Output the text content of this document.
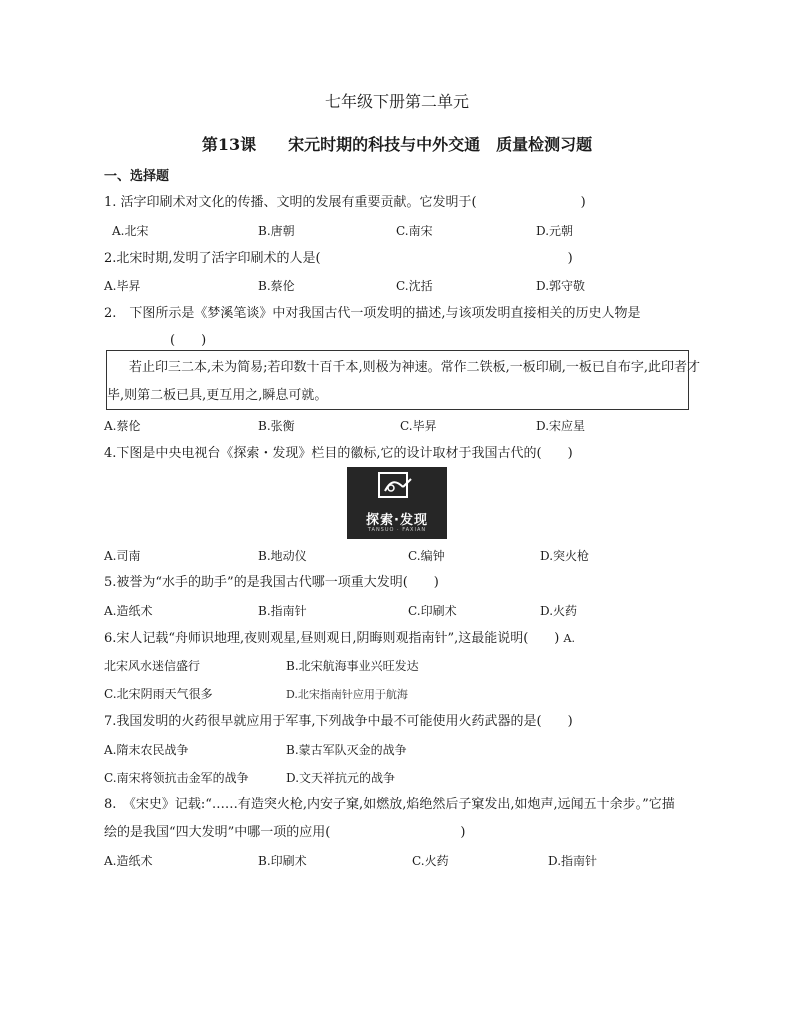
七年级下册第二单元
第13课　　宋元时期的科技与中外交通　质量检测习题
一、选择题
1. 活字印刷术对文化的传播、文明的发展有重要贡献。它发明于(　　　　　　　　)
A.北宋	B.唐朝	C.南宋	D.元朝
2.北宋时期,发明了活字印刷术的人是(　　　　　　　　　　　　　　　　　　　)
A.毕昇	B.蔡伦	C.沈括	D.郭守敬
2.　下图所示是《梦溪笔谈》中对我国古代一项发明的描述,与该项发明直接相关的历史人物是
(　　)
若止印三二本,未为简易;若印数十百千本,则极为神速。常作二铁板,一板印刷,一板已自布字,此印者才
毕,则第二板已具,更互用之,瞬息可就。
A.蔡伦	B.张衡	C.毕昇	D.宋应星
4.下图是中央电视台《探索・发现》栏目的徽标,它的设计取材于我国古代的(　　)
探索·发现
TANSUO · FAXIAN
A.司南	B.地动仪	C.编钟	D.突火枪
5.被誉为“水手的助手”的是我国古代哪一项重大发明(　　)
A.造纸术	B.指南针	C.印刷术	D.火药
6.宋人记载“舟师识地理,夜则观星,昼则观日,阴晦则观指南针”,这最能说明(　　) A.
北宋风水迷信盛行	B.北宋航海事业兴旺发达
C.北宋阴雨天气很多	D.北宋指南针应用于航海
7.我国发明的火药很早就应用于军事,下列战争中最不可能使用火药武器的是(　　)
A.隋末农民战争	B.蒙古军队灭金的战争
C.南宋将领抗击金军的战争	D.文天祥抗元的战争
8.　《宋史》记载:“……有造突火枪,内安子窠,如燃放,焰绝然后子窠发出,如炮声,远闻五十余步。”它描
绘的是我国“四大发明”中哪一项的应用(　　　　　　　　　　)
A.造纸术	B.印刷术	C.火药	D.指南针
